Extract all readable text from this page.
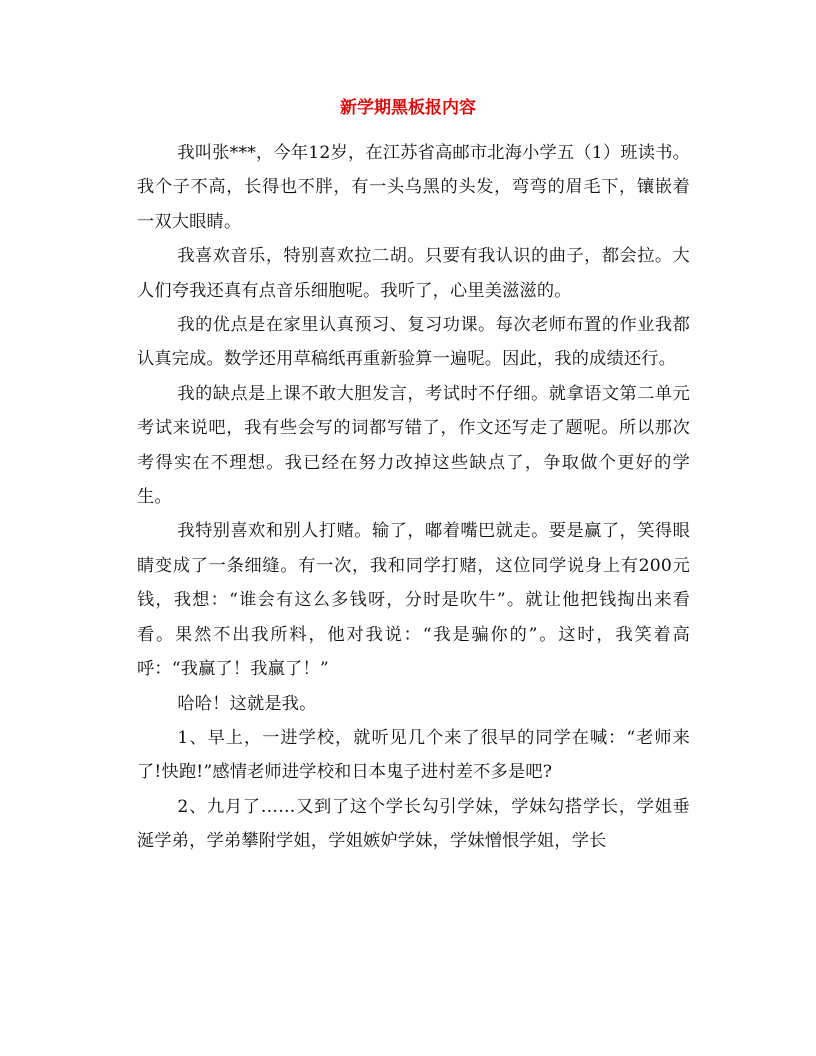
新学期黑板报内容

我叫张***，今年12岁，在江苏省高邮市北海小学五（1）班读书。我个子不高，长得也不胖，有一头乌黑的头发，弯弯的眉毛下，镶嵌着一双大眼睛。

我喜欢音乐，特别喜欢拉二胡。只要有我认识的曲子，都会拉。大人们夸我还真有点音乐细胞呢。我听了，心里美滋滋的。

我的优点是在家里认真预习、复习功课。每次老师布置的作业我都认真完成。数学还用草稿纸再重新验算一遍呢。因此，我的成绩还行。

我的缺点是上课不敢大胆发言，考试时不仔细。就拿语文第二单元考试来说吧，我有些会写的词都写错了，作文还写走了题呢。所以那次考得实在不理想。我已经在努力改掉这些缺点了，争取做个更好的学生。

我特别喜欢和别人打赌。输了，嘟着嘴巴就走。要是赢了，笑得眼睛变成了一条细缝。有一次，我和同学打赌，这位同学说身上有200元钱，我想：“谁会有这么多钱呀，分时是吹牛”。就让他把钱掏出来看看。果然不出我所料，他对我说：“我是骗你的”。这时，我笑着高呼：“我赢了！我赢了！”

哈哈！这就是我。

1、早上，一进学校，就听见几个来了很早的同学在喊：“老师来了!快跑!”感情老师进学校和日本鬼子进村差不多是吧?

2、九月了……又到了这个学长勾引学妹，学妹勾搭学长，学姐垂涎学弟，学弟攀附学姐，学姐嫉妒学妹，学妹憎恨学姐，学长
